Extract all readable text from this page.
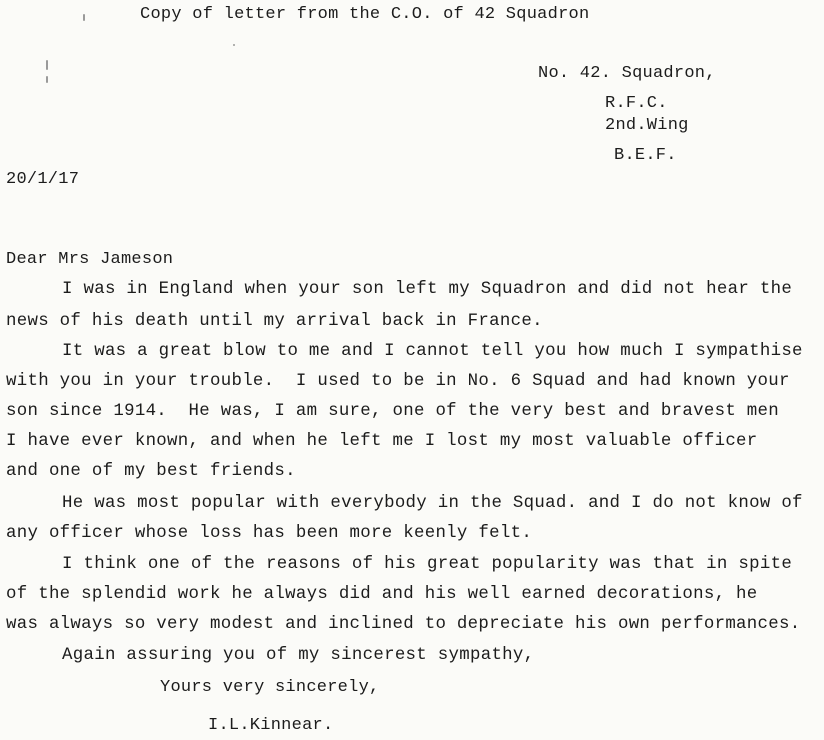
Copy of letter from the C.O. of 42 Squadron
No. 42. Squadron,
R.F.C.
2nd.Wing
B.E.F.
20/1/17
Dear Mrs Jameson
I was in England when your son left my Squadron and did not hear the
news of his death until my arrival back in France.
It was a great blow to me and I cannot tell you how much I sympathise
with you in your trouble.  I used to be in No. 6 Squad and had known your
son since 1914.  He was, I am sure, one of the very best and bravest men
I have ever known, and when he left me I lost my most valuable officer
and one of my best friends.
He was most popular with everybody in the Squad. and I do not know of
any officer whose loss has been more keenly felt.
I think one of the reasons of his great popularity was that in spite
of the splendid work he always did and his well earned decorations, he
was always so very modest and inclined to depreciate his own performances.
Again assuring you of my sincerest sympathy,
Yours very sincerely,
I.L.Kinnear.
